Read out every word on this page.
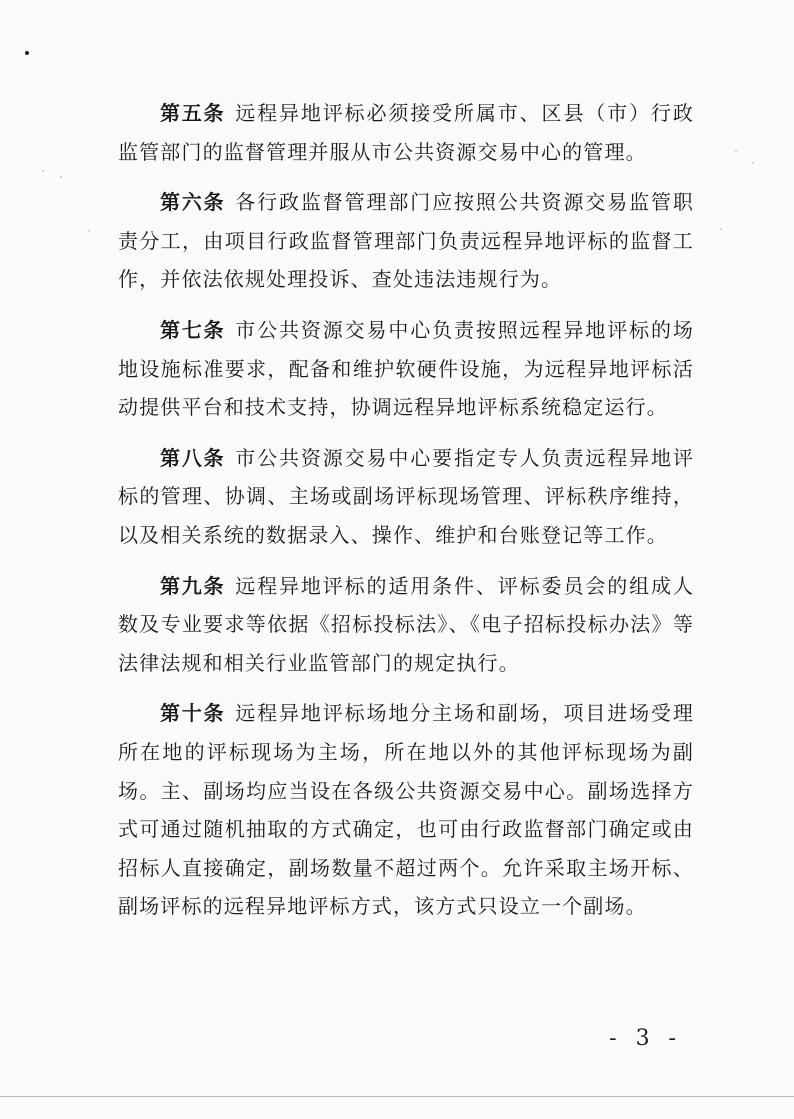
第五条 远程异地评标必须接受所属市、区县（市）行政监管部门的监督管理并服从市公共资源交易中心的管理。

第六条 各行政监督管理部门应按照公共资源交易监管职责分工，由项目行政监督管理部门负责远程异地评标的监督工作，并依法依规处理投诉、查处违法违规行为。

第七条 市公共资源交易中心负责按照远程异地评标的场地设施标准要求，配备和维护软硬件设施，为远程异地评标活动提供平台和技术支持，协调远程异地评标系统稳定运行。

第八条 市公共资源交易中心要指定专人负责远程异地评标的管理、协调、主场或副场评标现场管理、评标秩序维持，以及相关系统的数据录入、操作、维护和台账登记等工作。

第九条 远程异地评标的适用条件、评标委员会的组成人数及专业要求等依据《招标投标法》、《电子招标投标办法》等法律法规和相关行业监管部门的规定执行。

第十条 远程异地评标场地分主场和副场，项目进场受理所在地的评标现场为主场，所在地以外的其他评标现场为副场。主、副场均应当设在各级公共资源交易中心。副场选择方式可通过随机抽取的方式确定，也可由行政监督部门确定或由招标人直接确定，副场数量不超过两个。允许采取主场开标、副场评标的远程异地评标方式，该方式只设立一个副场。

- 3 -
